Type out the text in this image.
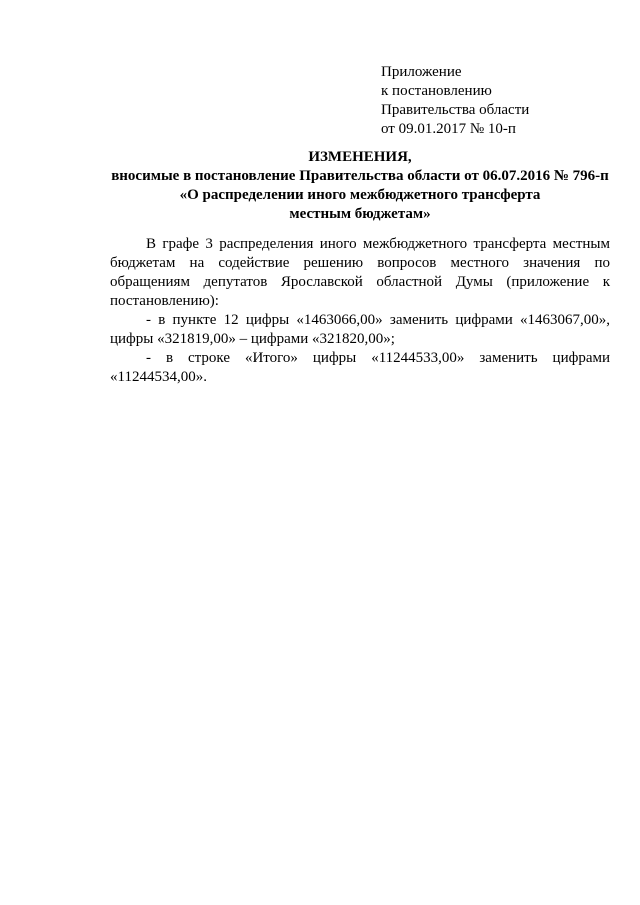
Приложение
к постановлению
Правительства области
от 09.01.2017 № 10-п
ИЗМЕНЕНИЯ,
вносимые в постановление Правительства области от 06.07.2016 № 796-п
«О распределении иного межбюджетного трансферта
местным бюджетам»

В графе 3 распределения иного межбюджетного трансферта местным бюджетам на содействие решению вопросов местного значения по обращениям депутатов Ярославской областной Думы (приложение к постановлению):

- в пункте 12 цифры «1463066,00» заменить цифрами «1463067,00», цифры «321819,00» – цифрами «321820,00»;

- в строке «Итого» цифры «11244533,00» заменить цифрами «11244534,00».
